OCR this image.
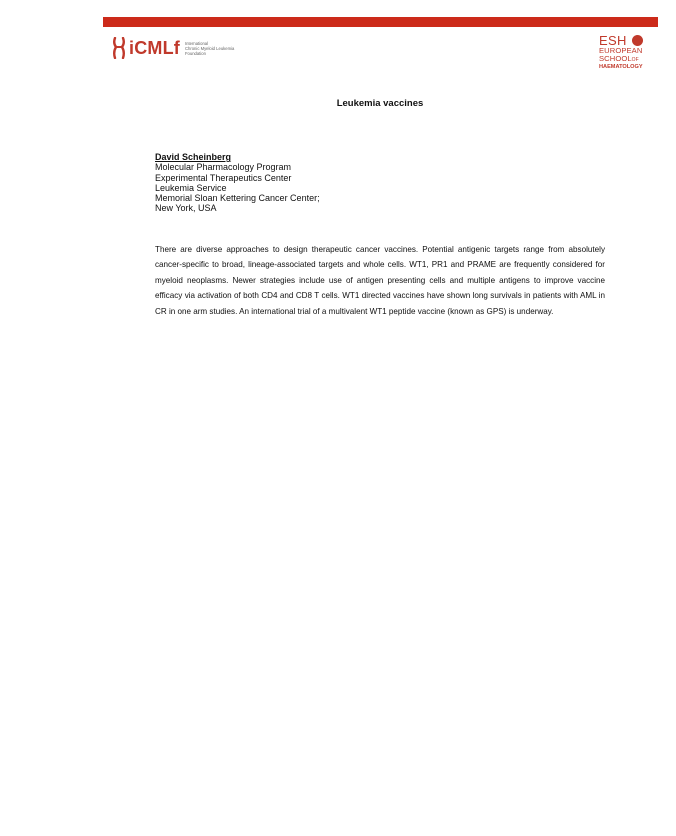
iCMLf International
Chronic Myeloid Leukemia
Foundation
ESH
EUROPEAN
SCHOOLOF
HAEMATOLOGY
Leukemia vaccines
David Scheinberg
Molecular Pharmacology Program
Experimental Therapeutics Center
Leukemia Service
Memorial Sloan Kettering Cancer Center;
New York, USA

There are diverse approaches to design therapeutic cancer vaccines. Potential antigenic targets range from absolutely cancer-specific to broad, lineage-associated targets and whole cells. WT1, PR1 and PRAME are frequently considered for myeloid neoplasms. Newer strategies include use of antigen presenting cells and multiple antigens to improve vaccine efficacy via activation of both CD4 and CD8 T cells. WT1 directed vaccines have shown long survivals in patients with AML in CR in one arm studies. An international trial of a multivalent WT1 peptide vaccine (known as GPS) is underway.
